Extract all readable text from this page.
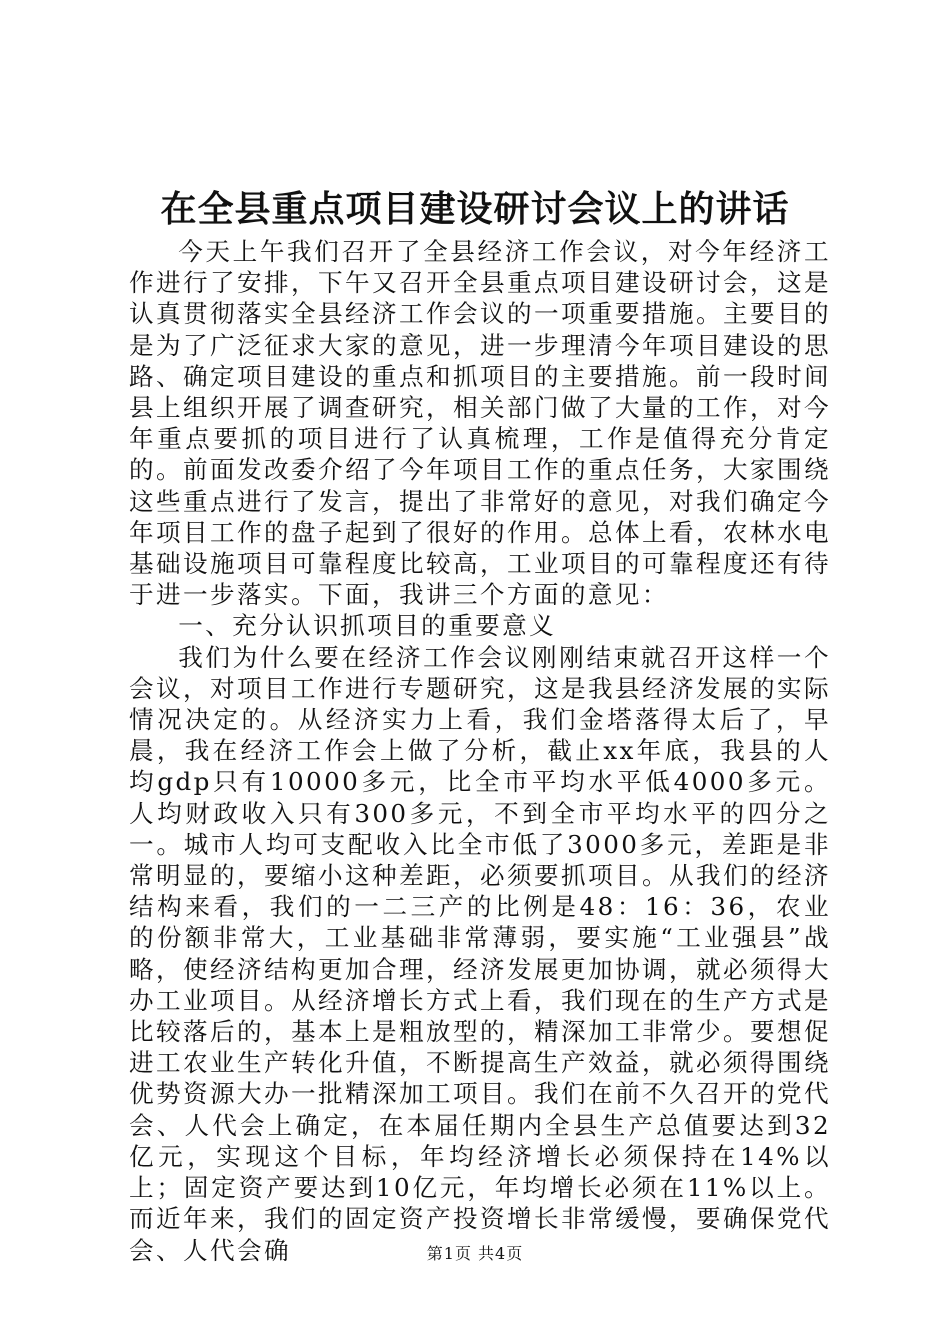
在全县重点项目建设研讨会议上的讲话

今天上午我们召开了全县经济工作会议，对今年经济工作进行了安排，下午又召开全县重点项目建设研讨会，这是认真贯彻落实全县经济工作会议的一项重要措施。主要目的是为了广泛征求大家的意见，进一步理清今年项目建设的思路、确定项目建设的重点和抓项目的主要措施。前一段时间县上组织开展了调查研究，相关部门做了大量的工作，对今年重点要抓的项目进行了认真梳理，工作是值得充分肯定的。前面发改委介绍了今年项目工作的重点任务，大家围绕这些重点进行了发言，提出了非常好的意见，对我们确定今年项目工作的盘子起到了很好的作用。总体上看，农林水电基础设施项目可靠程度比较高，工业项目的可靠程度还有待于进一步落实。下面，我讲三个方面的意见：

一、充分认识抓项目的重要意义

我们为什么要在经济工作会议刚刚结束就召开这样一个会议，对项目工作进行专题研究，这是我县经济发展的实际情况决定的。从经济实力上看，我们金塔落得太后了，早晨，我在经济工作会上做了分析，截止xx年底，我县的人均gdp只有10000多元，比全市平均水平低4000多元。人均财政收入只有300多元，不到全市平均水平的四分之一。城市人均可支配收入比全市低了3000多元，差距是非常明显的，要缩小这种差距，必须要抓项目。从我们的经济结构来看，我们的一二三产的比例是48：16：36，农业的份额非常大，工业基础非常薄弱，要实施“工业强县”战略，使经济结构更加合理，经济发展更加协调，就必须得大办工业项目。从经济增长方式上看，我们现在的生产方式是比较落后的，基本上是粗放型的，精深加工非常少。要想促进工农业生产转化升值，不断提高生产效益，就必须得围绕优势资源大办一批精深加工项目。我们在前不久召开的党代会、人代会上确定，在本届任期内全县生产总值要达到32亿元，实现这个目标，年均经济增长必须保持在14%以上；固定资产要达到10亿元，年均增长必须在11%以上。而近年来，我们的固定资产投资增长非常缓慢，要确保党代会、人代会确	第1页 共4页
